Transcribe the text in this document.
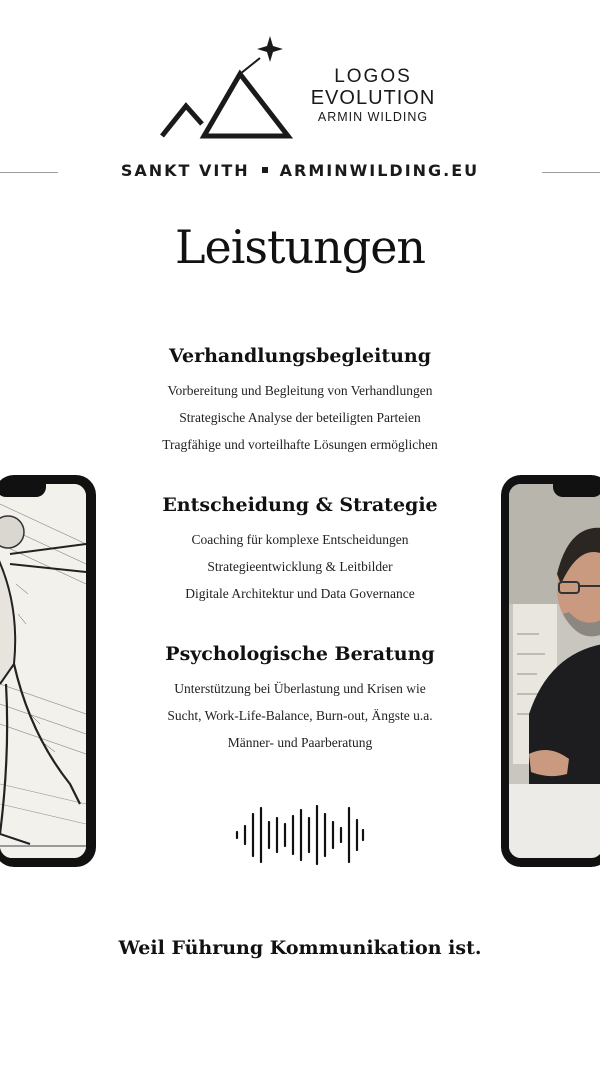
LOGOS
EVOLUTION
ARMIN WILDING
SANKT VITH ARMINWILDING.EU
Leistungen
Verhandlungsbegleitung
Vorbereitung und Begleitung von Verhandlungen
Strategische Analyse der beteiligten Parteien
Tragfähige und vorteilhafte Lösungen ermöglichen
Entscheidung & Strategie
Coaching für komplexe Entscheidungen
Strategieentwicklung & Leitbilder
Digitale Architektur und Data Governance
Psychologische Beratung
Unterstützung bei Überlastung und Krisen wie
Sucht, Work-Life-Balance, Burn-out, Ängste u.a.
Männer- und Paarberatung
Weil Führung Kommunikation ist.
